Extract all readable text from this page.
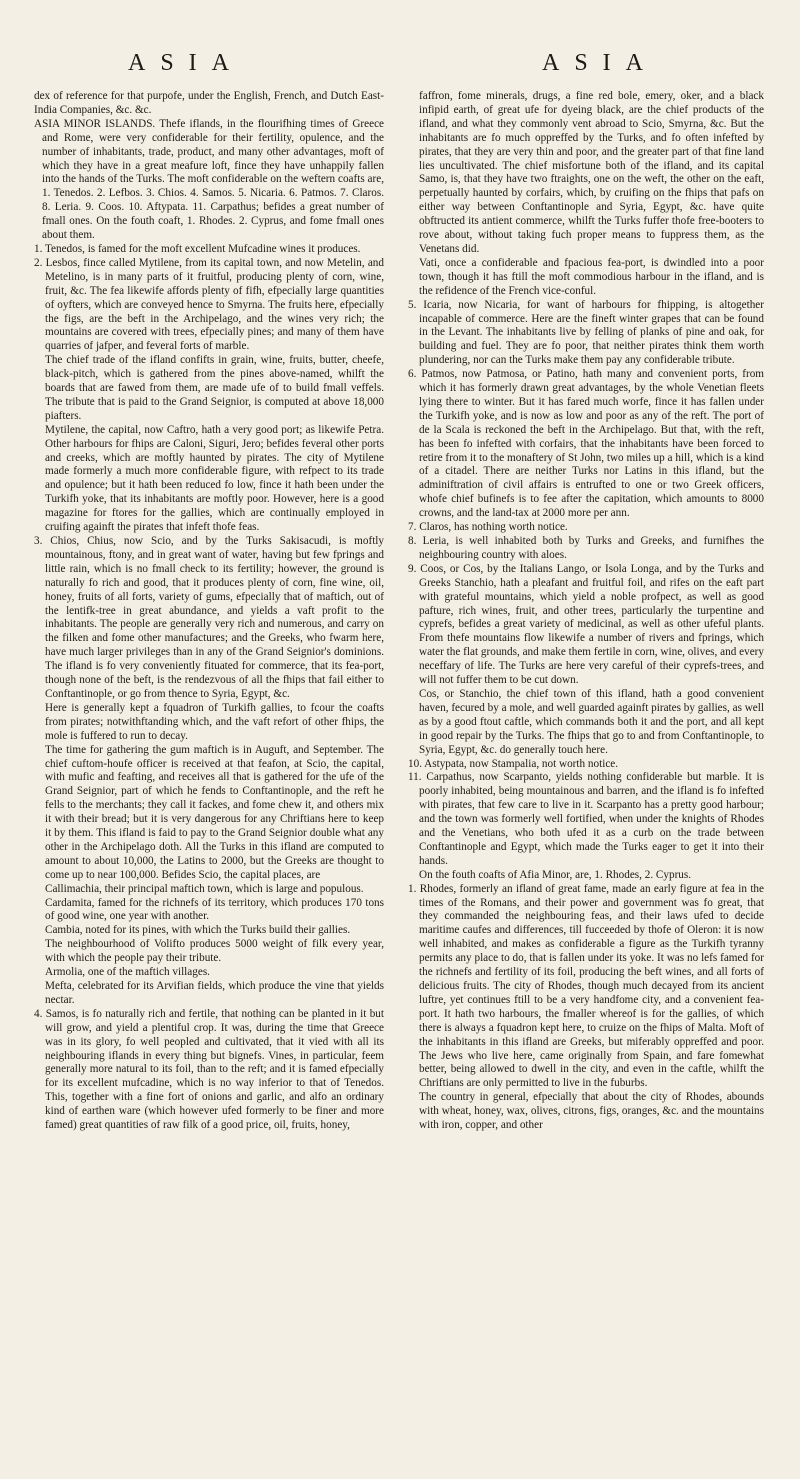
ASIA	ASIA

dex of reference for that purpofe, under the English, French, and Dutch East-India Companies, &c. &c.

ASIA MINOR ISLANDS. Thefe iflands, in the flourifhing times of Greece and Rome, were very confiderable for their fertility, opulence, and the number of inhabitants, trade, product, and many other advantages, moft of which they have in a great meafure loft, fince they have unhappily fallen into the hands of the Turks. The moft confiderable on the weftern coafts are, 1. Tenedos. 2. Lefbos. 3. Chios. 4. Samos. 5. Nicaria. 6. Patmos. 7. Claros. 8. Leria. 9. Coos. 10. Aftypata. 11. Carpathus; befides a great number of fmall ones. On the fouth coaft, 1. Rhodes. 2. Cyprus, and fome fmall ones about them.

1. Tenedos, is famed for the moft excellent Mufcadine wines it produces.

2. Lesbos, fince called Mytilene, from its capital town, and now Metelin, and Metelino, is in many parts of it fruitful, producing plenty of corn, wine, fruit, &c. The fea likewife affords plenty of fifh, efpecially large quantities of oyfters, which are conveyed hence to Smyrna. The fruits here, efpecially the figs, are the beft in the Archipelago, and the wines very rich; the mountains are covered with trees, efpecially pines; and many of them have quarries of jafper, and feveral forts of marble.

The chief trade of the ifland confifts in grain, wine, fruits, butter, cheefe, black-pitch, which is gathered from the pines above-named, whilft the boards that are fawed from them, are made ufe of to build fmall veffels. The tribute that is paid to the Grand Seignior, is computed at above 18,000 piafters.

Mytilene, the capital, now Caftro, hath a very good port; as likewife Petra. Other harbours for fhips are Caloni, Siguri, Jero; befides feveral other ports and creeks, which are moftly haunted by pirates. The city of Mytilene made formerly a much more confiderable figure, with refpect to its trade and opulence; but it hath been reduced fo low, fince it hath been under the Turkifh yoke, that its inhabitants are moftly poor. However, here is a good magazine for ftores for the gallies, which are continually employed in cruifing againft the pirates that infeft thofe feas.

3. Chios, Chius, now Scio, and by the Turks Sakisacudi, is moftly mountainous, ftony, and in great want of water, having but few fprings and little rain, which is no fmall check to its fertility; however, the ground is naturally fo rich and good, that it produces plenty of corn, fine wine, oil, honey, fruits of all forts, variety of gums, efpecially that of maftich, out of the lentifk-tree in great abundance, and yields a vaft profit to the inhabitants. The people are generally very rich and numerous, and carry on the filken and fome other manufactures; and the Greeks, who fwarm here, have much larger privileges than in any of the Grand Seignior's dominions. The ifland is fo very conveniently fituated for commerce, that its fea-port, though none of the beft, is the rendezvous of all the fhips that fail either to Conftantinople, or go from thence to Syria, Egypt, &c.

Here is generally kept a fquadron of Turkifh gallies, to fcour the coafts from pirates; notwithftanding which, and the vaft refort of other fhips, the mole is fuffered to run to decay.

The time for gathering the gum maftich is in Auguft, and September. The chief cuftom-houfe officer is received at that feafon, at Scio, the capital, with mufic and feafting, and receives all that is gathered for the ufe of the Grand Seignior, part of which he fends to Conftantinople, and the reft he fells to the merchants; they call it fackes, and fome chew it, and others mix it with their bread; but it is very dangerous for any Chriftians here to keep it by them. This ifland is faid to pay to the Grand Seignior double what any other in the Archipelago doth. All the Turks in this ifland are computed to amount to about 10,000, the Latins to 2000, but the Greeks are thought to come up to near 100,000. Befides Scio, the capital places, are

Callimachia, their principal maftich town, which is large and populous.

Cardamita, famed for the richnefs of its territory, which produces 170 tons of good wine, one year with another.

Cambia, noted for its pines, with which the Turks build their gallies.

The neighbourhood of Volifto produces 5000 weight of filk every year, with which the people pay their tribute.

Armolia, one of the maftich villages.

Mefta, celebrated for its Arvifian fields, which produce the vine that yields nectar.

4. Samos, is fo naturally rich and fertile, that nothing can be planted in it but will grow, and yield a plentiful crop. It was, during the time that Greece was in its glory, fo well peopled and cultivated, that it vied with all its neighbouring iflands in every thing but bignefs. Vines, in particular, feem generally more natural to its foil, than to the reft; and it is famed efpecially for its excellent mufcadine, which is no way inferior to that of Tenedos. This, together with a fine fort of onions and garlic, and alfo an ordinary kind of earthen ware (which however ufed formerly to be finer and more famed) great quantities of raw filk of a good price, oil, fruits, honey,

faffron, fome minerals, drugs, a fine red bole, emery, oker, and a black infipid earth, of great ufe for dyeing black, are the chief products of the ifland, and what they commonly vent abroad to Scio, Smyrna, &c. But the inhabitants are fo much oppreffed by the Turks, and fo often infefted by pirates, that they are very thin and poor, and the greater part of that fine land lies uncultivated. The chief misfortune both of the ifland, and its capital Samo, is, that they have two ftraights, one on the weft, the other on the eaft, perpetually haunted by corfairs, which, by cruifing on the fhips that pafs on either way between Conftantinople and Syria, Egypt, &c. have quite obftructed its antient commerce, whilft the Turks fuffer thofe free-booters to rove about, without taking fuch proper means to fuppress them, as the Venetans did.

Vati, once a confiderable and fpacious fea-port, is dwindled into a poor town, though it has ftill the moft commodious harbour in the ifland, and is the refidence of the French vice-conful.

5. Icaria, now Nicaria, for want of harbours for fhipping, is altogether incapable of commerce. Here are the fineft winter grapes that can be found in the Levant. The inhabitants live by felling of planks of pine and oak, for building and fuel. They are fo poor, that neither pirates think them worth plundering, nor can the Turks make them pay any confiderable tribute.

6. Patmos, now Patmosa, or Patino, hath many and convenient ports, from which it has formerly drawn great advantages, by the whole Venetian fleets lying there to winter. But it has fared much worfe, fince it has fallen under the Turkifh yoke, and is now as low and poor as any of the reft. The port of de la Scala is reckoned the beft in the Archipelago. But that, with the reft, has been fo infefted with corfairs, that the inhabitants have been forced to retire from it to the monaftery of St John, two miles up a hill, which is a kind of a citadel. There are neither Turks nor Latins in this ifland, but the adminiftration of civil affairs is entrufted to one or two Greek officers, whofe chief bufinefs is to fee after the capitation, which amounts to 8000 crowns, and the land-tax at 2000 more per ann.

7. Claros, has nothing worth notice.

8. Leria, is well inhabited both by Turks and Greeks, and furnifhes the neighbouring country with aloes.

9. Coos, or Cos, by the Italians Lango, or Isola Longa, and by the Turks and Greeks Stanchio, hath a pleafant and fruitful foil, and rifes on the eaft part with grateful mountains, which yield a noble profpect, as well as good pafture, rich wines, fruit, and other trees, particularly the turpentine and cyprefs, befides a great variety of medicinal, as well as other ufeful plants. From thefe mountains flow likewife a number of rivers and fprings, which water the flat grounds, and make them fertile in corn, wine, olives, and every neceffary of life. The Turks are here very careful of their cyprefs-trees, and will not fuffer them to be cut down.

Cos, or Stanchio, the chief town of this ifland, hath a good convenient haven, fecured by a mole, and well guarded againft pirates by gallies, as well as by a good ftout caftle, which commands both it and the port, and all kept in good repair by the Turks. The fhips that go to and from Conftantinople, to Syria, Egypt, &c. do generally touch here.

10. Astypata, now Stampalia, not worth notice.

11. Carpathus, now Scarpanto, yields nothing confiderable but marble. It is poorly inhabited, being mountainous and barren, and the ifland is fo infefted with pirates, that few care to live in it. Scarpanto has a pretty good harbour; and the town was formerly well fortified, when under the knights of Rhodes and the Venetians, who both ufed it as a curb on the trade between Conftantinople and Egypt, which made the Turks eager to get it into their hands.

On the fouth coafts of Afia Minor, are, 1. Rhodes, 2. Cyprus.

1. Rhodes, formerly an ifland of great fame, made an early figure at fea in the times of the Romans, and their power and government was fo great, that they commanded the neighbouring feas, and their laws ufed to decide maritime caufes and differences, till fucceeded by thofe of Oleron: it is now well inhabited, and makes as confiderable a figure as the Turkifh tyranny permits any place to do, that is fallen under its yoke. It was no lefs famed for the richnefs and fertility of its foil, producing the beft wines, and all forts of delicious fruits. The city of Rhodes, though much decayed from its ancient luftre, yet continues ftill to be a very handfome city, and a convenient fea-port. It hath two harbours, the fmaller whereof is for the gallies, of which there is always a fquadron kept here, to cruize on the fhips of Malta. Moft of the inhabitants in this ifland are Greeks, but miferably oppreffed and poor. The Jews who live here, came originally from Spain, and fare fomewhat better, being allowed to dwell in the city, and even in the caftle, whilft the Chriftians are only permitted to live in the fuburbs.

The country in general, efpecially that about the city of Rhodes, abounds with wheat, honey, wax, olives, citrons, figs, oranges, &c. and the mountains with iron, copper, and other
